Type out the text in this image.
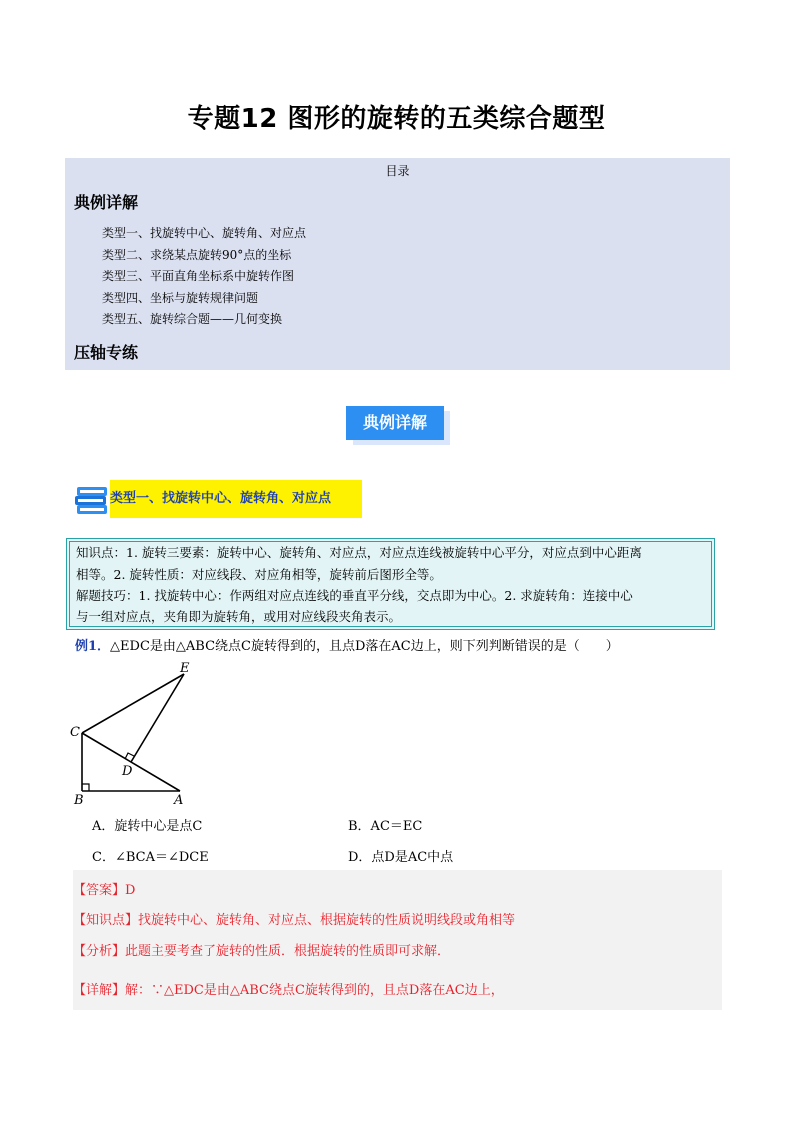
专题12 图形的旋转的五类综合题型
目录
典例详解
类型一、找旋转中心、旋转角、对应点
类型二、求绕某点旋转90°点的坐标
类型三、平面直角坐标系中旋转作图
类型四、坐标与旋转规律问题
类型五、旋转综合题——几何变换
压轴专练
典例详解
类型一、找旋转中心、旋转角、对应点
知识点：1. 旋转三要素：旋转中心、旋转角、对应点，对应点连线被旋转中心平分，对应点到中心距离
相等。2. 旋转性质：对应线段、对应角相等，旋转前后图形全等。
解题技巧：1. 找旋转中心：作两组对应点连线的垂直平分线，交点即为中心。2. 求旋转角：连接中心
与一组对应点，夹角即为旋转角，或用对应线段夹角表示。
例1．△EDC是由△ABC绕点C旋转得到的，且点D落在AC边上，则下列判断错误的是（　　）
E
C
D
B	A
A．旋转中心是点C	B．AC＝EC
C．∠BCA＝∠DCE	D．点D是AC中点
【答案】D
【知识点】找旋转中心、旋转角、对应点、根据旋转的性质说明线段或角相等
【分析】此题主要考查了旋转的性质．根据旋转的性质即可求解．
【详解】解：∵△EDC是由△ABC绕点C旋转得到的，且点D落在AC边上，
